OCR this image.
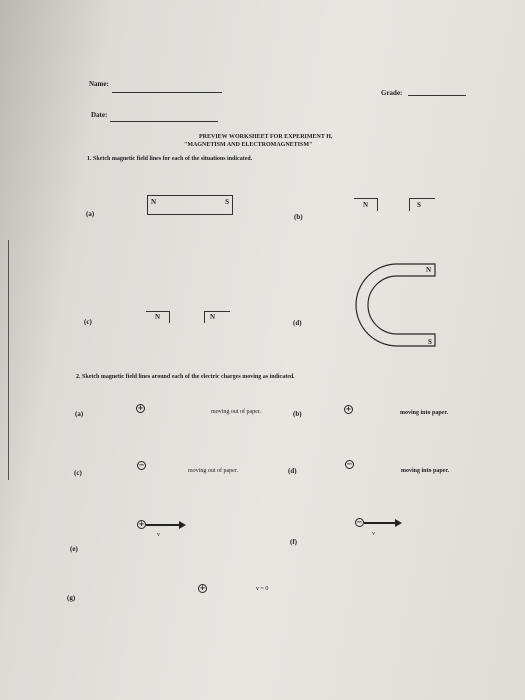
Name:
Grade:
Date:
PREVIEW WORKSHEET FOR EXPERIMENT H,
"MAGNETISM AND ELECTROMAGNETISM"
1. Sketch magnetic field lines for each of the situations indicated.
(a)
N	S
(b)
N	S
(c)
N	N
(d)
N
S
2. Sketch magnetic field lines around each of the electric charges moving as indicated.
(a)
+	moving out of paper.	(b)
+	moving into paper.
(c)
−
moving out of paper.	(d)
−
moving into paper.
+
v
(e)
−
v
(f)
+	v = 0
(g)
